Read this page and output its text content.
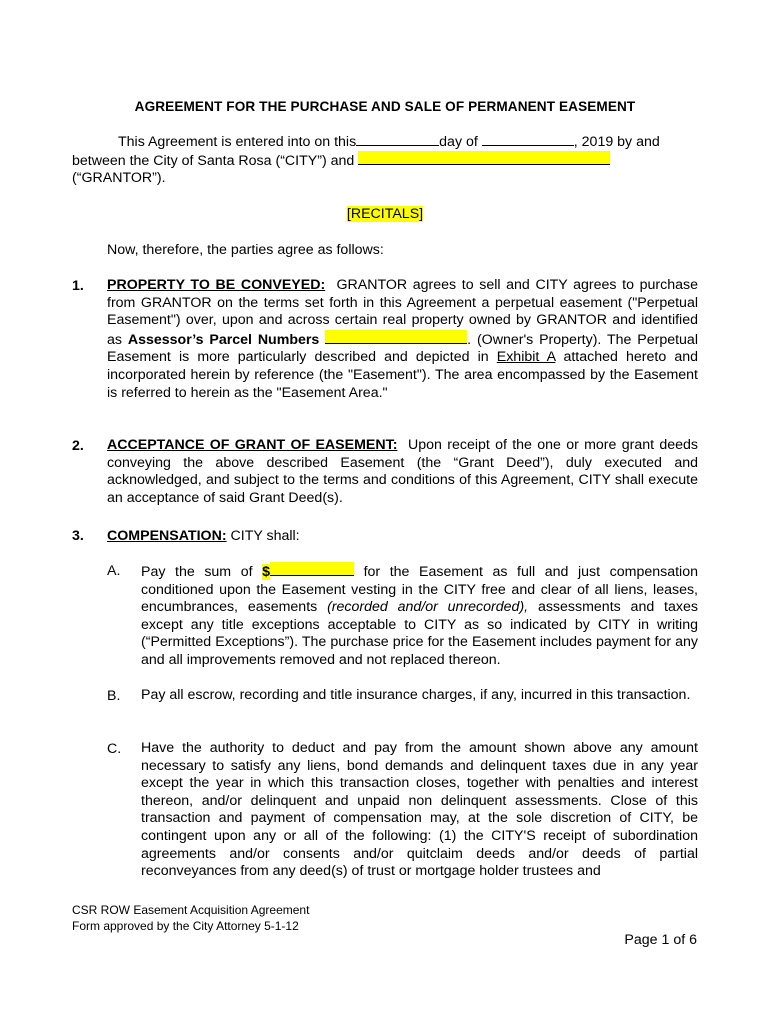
AGREEMENT FOR THE PURCHASE AND SALE OF PERMANENT EASEMENT
This Agreement is entered into on this	day of	, 2019 by and
between the City of Santa Rosa (“CITY”) and
(“GRANTOR”).
[RECITALS]
Now, therefore, the parties agree as follows:
1. PROPERTY TO BE CONVEYED: GRANTOR agrees to sell and CITY agrees to purchase from GRANTOR on the terms set forth in this Agreement a perpetual easement ("Perpetual Easement") over, upon and across certain real property owned by GRANTOR and identified as Assessor’s Parcel Numbers	. (Owner's Property). The Perpetual Easement is more particularly described and depicted in Exhibit A attached hereto and incorporated herein by reference (the "Easement"). The area encompassed by the Easement is referred to herein as the "Easement Area."
2. ACCEPTANCE OF GRANT OF EASEMENT: Upon receipt of the one or more grant deeds conveying the above described Easement (the “Grant Deed”), duly executed and acknowledged, and subject to the terms and conditions of this Agreement, CITY shall execute an acceptance of said Grant Deed(s).
3. COMPENSATION: CITY shall:
A. Pay the sum of $	for the Easement as full and just compensation conditioned upon the Easement vesting in the CITY free and clear of all liens, leases, encumbrances, easements (recorded and/or unrecorded), assessments and taxes except any title exceptions acceptable to CITY as so indicated by CITY in writing (“Permitted Exceptions”). The purchase price for the Easement includes payment for any and all improvements removed and not replaced thereon.
B. Pay all escrow, recording and title insurance charges, if any, incurred in this transaction.
C. Have the authority to deduct and pay from the amount shown above any amount necessary to satisfy any liens, bond demands and delinquent taxes due in any year except the year in which this transaction closes, together with penalties and interest thereon, and/or delinquent and unpaid non delinquent assessments. Close of this transaction and payment of compensation may, at the sole discretion of CITY, be contingent upon any or all of the following: (1) the CITY'S receipt of subordination agreements and/or consents and/or quitclaim deeds and/or deeds of partial reconveyances from any deed(s) of trust or mortgage holder trustees and
CSR ROW Easement Acquisition Agreement
Form approved by the City Attorney 5-1-12
Page 1 of 6
